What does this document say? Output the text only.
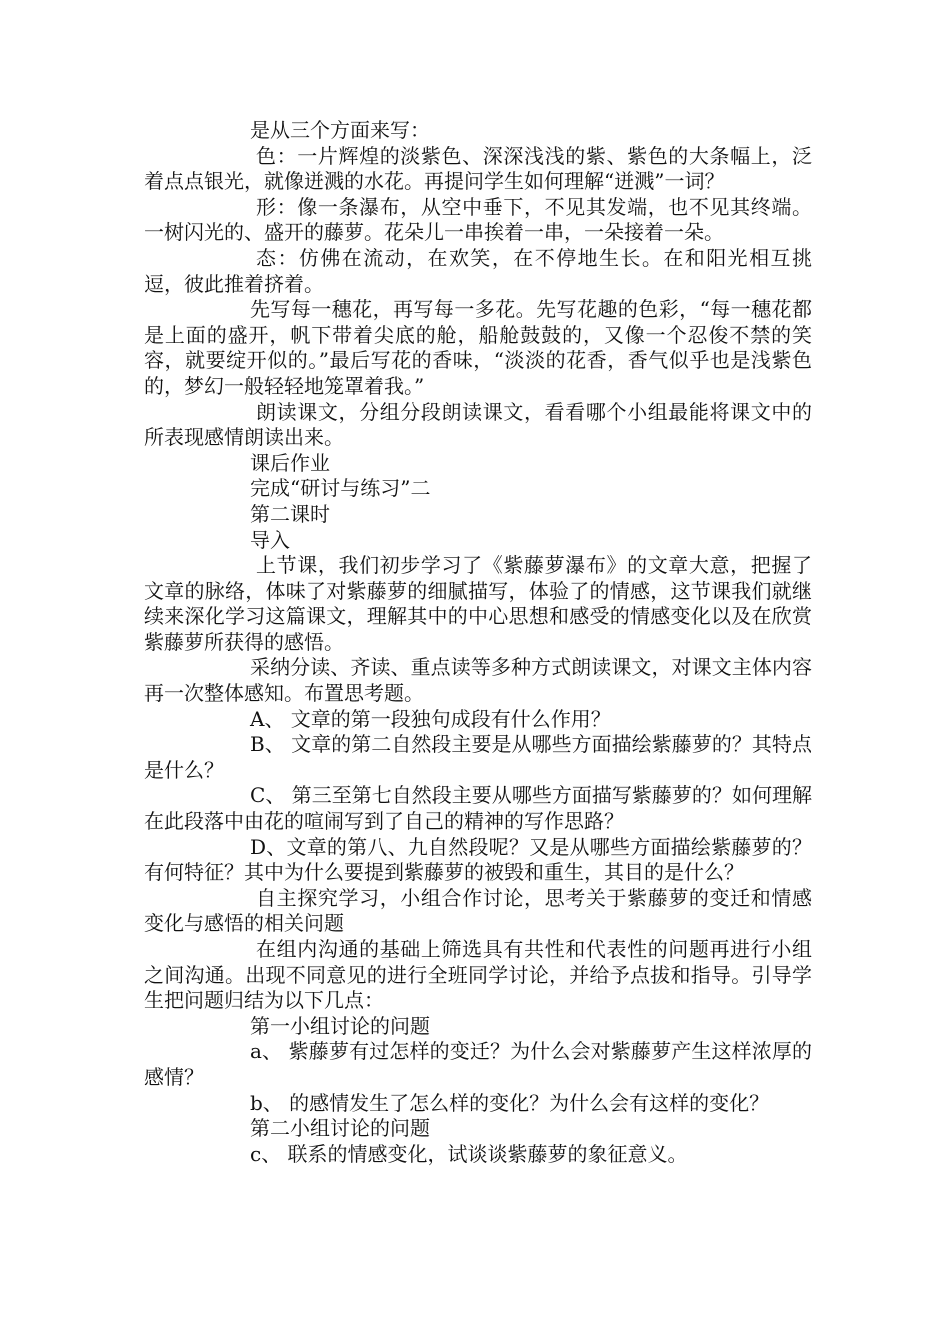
是从三个方面来写：

色：一片辉煌的淡紫色、深深浅浅的紫、紫色的大条幅上，泛着点点银光，就像迸溅的水花。再提问学生如何理解“迸溅”一词？

形：像一条瀑布，从空中垂下，不见其发端，也不见其终端。一树闪光的、盛开的藤萝。花朵儿一串挨着一串，一朵接着一朵。

态：仿佛在流动，在欢笑，在不停地生长。在和阳光相互挑逗，彼此推着挤着。

先写每一穗花，再写每一多花。先写花趣的色彩，“每一穗花都是上面的盛开，帆下带着尖底的舱，船舱鼓鼓的，又像一个忍俊不禁的笑容，就要绽开似的。”最后写花的香味，“淡淡的花香，香气似乎也是浅紫色的，梦幻一般轻轻地笼罩着我。”

朗读课文，分组分段朗读课文，看看哪个小组最能将课文中的所表现感情朗读出来。

课后作业

完成“研讨与练习”二

第二课时

导入

上节课，我们初步学习了《紫藤萝瀑布》的文章大意，把握了文章的脉络，体味了对紫藤萝的细腻描写，体验了的情感，这节课我们就继续来深化学习这篇课文，理解其中的中心思想和感受的情感变化以及在欣赏紫藤萝所获得的感悟。

采纳分读、齐读、重点读等多种方式朗读课文，对课文主体内容再一次整体感知。布置思考题。

A、 文章的第一段独句成段有什么作用？

B、 文章的第二自然段主要是从哪些方面描绘紫藤萝的？其特点是什么？

C、 第三至第七自然段主要从哪些方面描写紫藤萝的？如何理解在此段落中由花的喧闹写到了自己的精神的写作思路？

D、文章的第八、九自然段呢？又是从哪些方面描绘紫藤萝的？有何特征？其中为什么要提到紫藤萝的被毁和重生，其目的是什么？

自主探究学习，小组合作讨论，思考关于紫藤萝的变迁和情感变化与感悟的相关问题

在组内沟通的基础上筛选具有共性和代表性的问题再进行小组之间沟通。出现不同意见的进行全班同学讨论，并给予点拔和指导。引导学生把问题归结为以下几点：

第一小组讨论的问题

a、 紫藤萝有过怎样的变迁？为什么会对紫藤萝产生这样浓厚的感情？

b、 的感情发生了怎么样的变化？为什么会有这样的变化？

第二小组讨论的问题

c、 联系的情感变化，试谈谈紫藤萝的象征意义。
